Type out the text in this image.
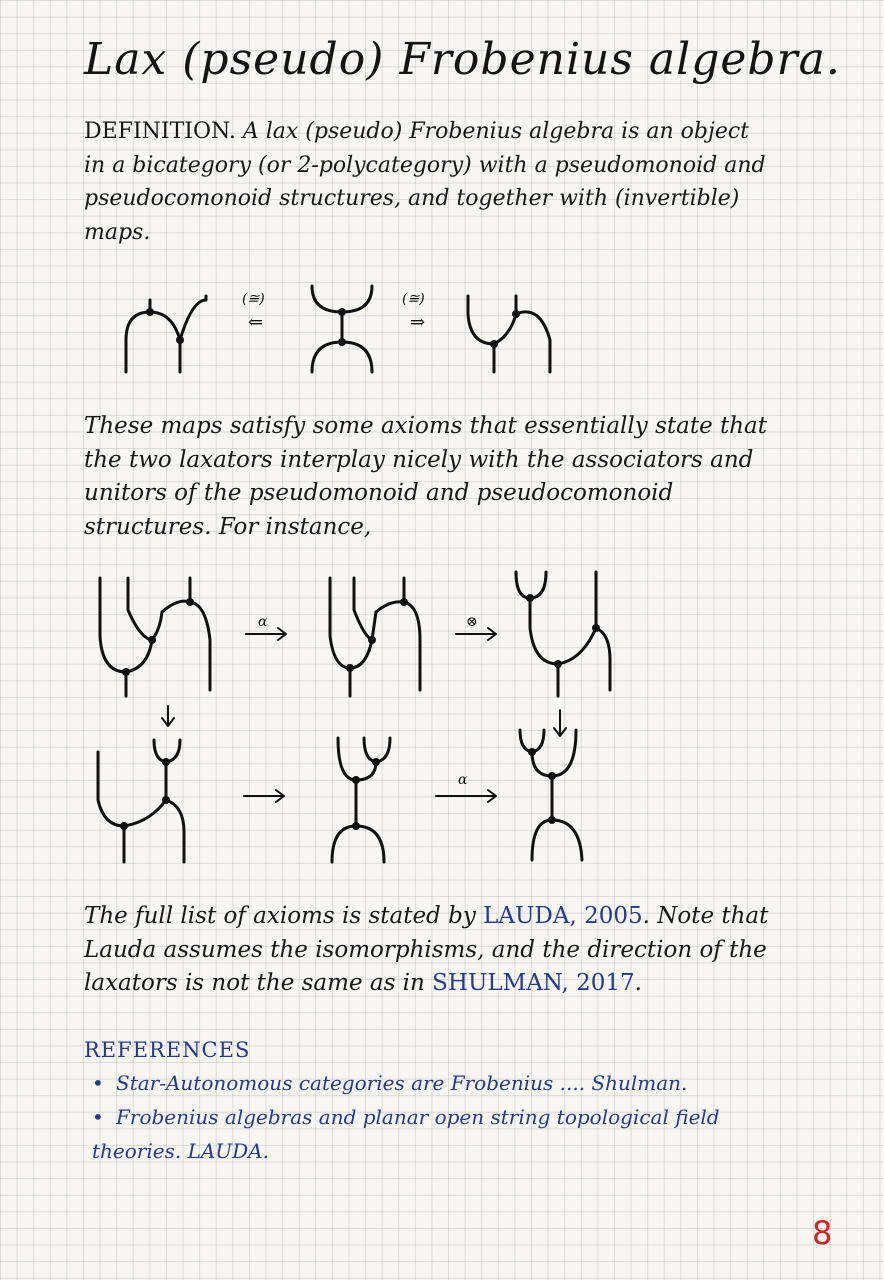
Lax (pseudo) Frobenius algebra.
DEFINITION. A lax (pseudo) Frobenius algebra is an object in a bicategory (or 2-polycategory) with a pseudomonoid and pseudocomonoid structures, and together with (invertible) maps.
(≅)
⇐
(≅)
⇒
α	⊗
α
These maps satisfy some axioms that essentially state that the two laxators interplay nicely with the associators and unitors of the pseudomonoid and pseudocomonoid structures. For instance,
The full list of axioms is stated by LAUDA, 2005. Note that Lauda assumes the isomorphisms, and the direction of the laxators is not the same as in SHULMAN, 2017.
REFERENCES
• Star-Autonomous categories are Frobenius .... Shulman.
• Frobenius algebras and planar open string topological field theories. LAUDA.
8
